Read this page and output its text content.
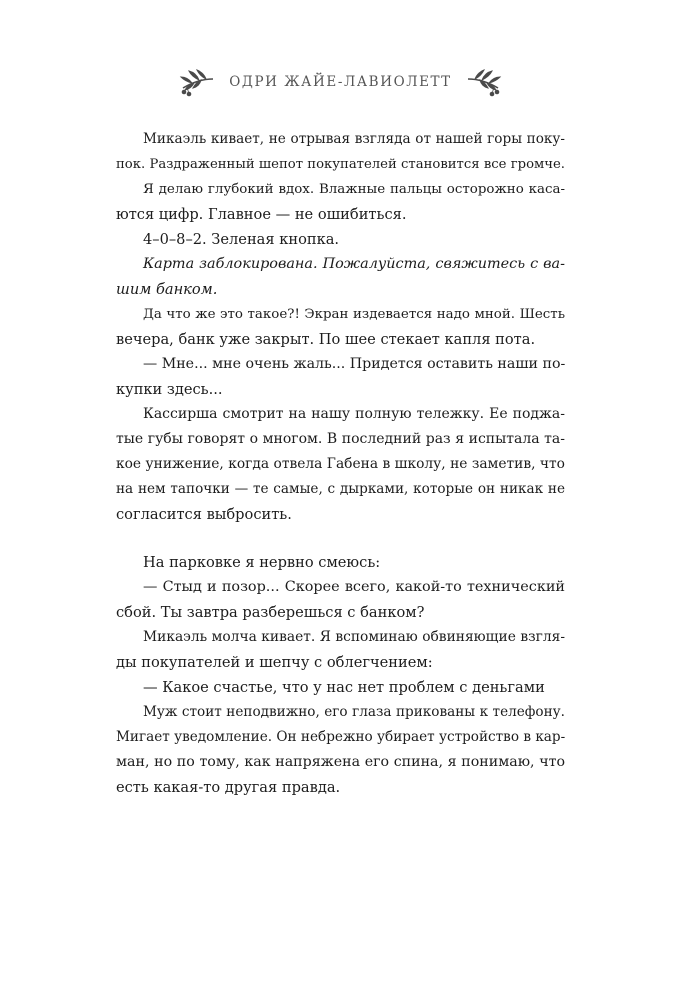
ОДРИ ЖАЙЕ-ЛАВИОЛЕТТ
Микаэль кивает, не отрывая взгляда от нашей горы поку-
пок. Раздраженный шепот покупателей становится все громче.
Я делаю глубокий вдох. Влажные пальцы осторожно каса-
ются цифр. Главное — не ошибиться.
4–0–8–2. Зеленая кнопка.
Карта заблокирована. Пожалуйста, свяжитесь с ва-
шим банком.
Да что же это такое?! Экран издевается надо мной. Шесть
вечера, банк уже закрыт. По шее стекает капля пота.
— Мне... мне очень жаль... Придется оставить наши по-
купки здесь...
Кассирша смотрит на нашу полную тележку. Ее поджа-
тые губы говорят о многом. В последний раз я испытала та-
кое унижение, когда отвела Габена в школу, не заметив, что
на нем тапочки — те самые, с дырками, которые он никак не
согласится выбросить.
На парковке я нервно смеюсь:
— Стыд и позор... Скорее всего, какой-то технический
сбой. Ты завтра разберешься с банком?
Микаэль молча кивает. Я вспоминаю обвиняющие взгля-
ды покупателей и шепчу с облегчением:
— Какое счастье, что у нас нет проблем с деньгами
Муж стоит неподвижно, его глаза прикованы к телефону.
Мигает уведомление. Он небрежно убирает устройство в кар-
ман, но по тому, как напряжена его спина, я понимаю, что
есть какая-то другая правда.
